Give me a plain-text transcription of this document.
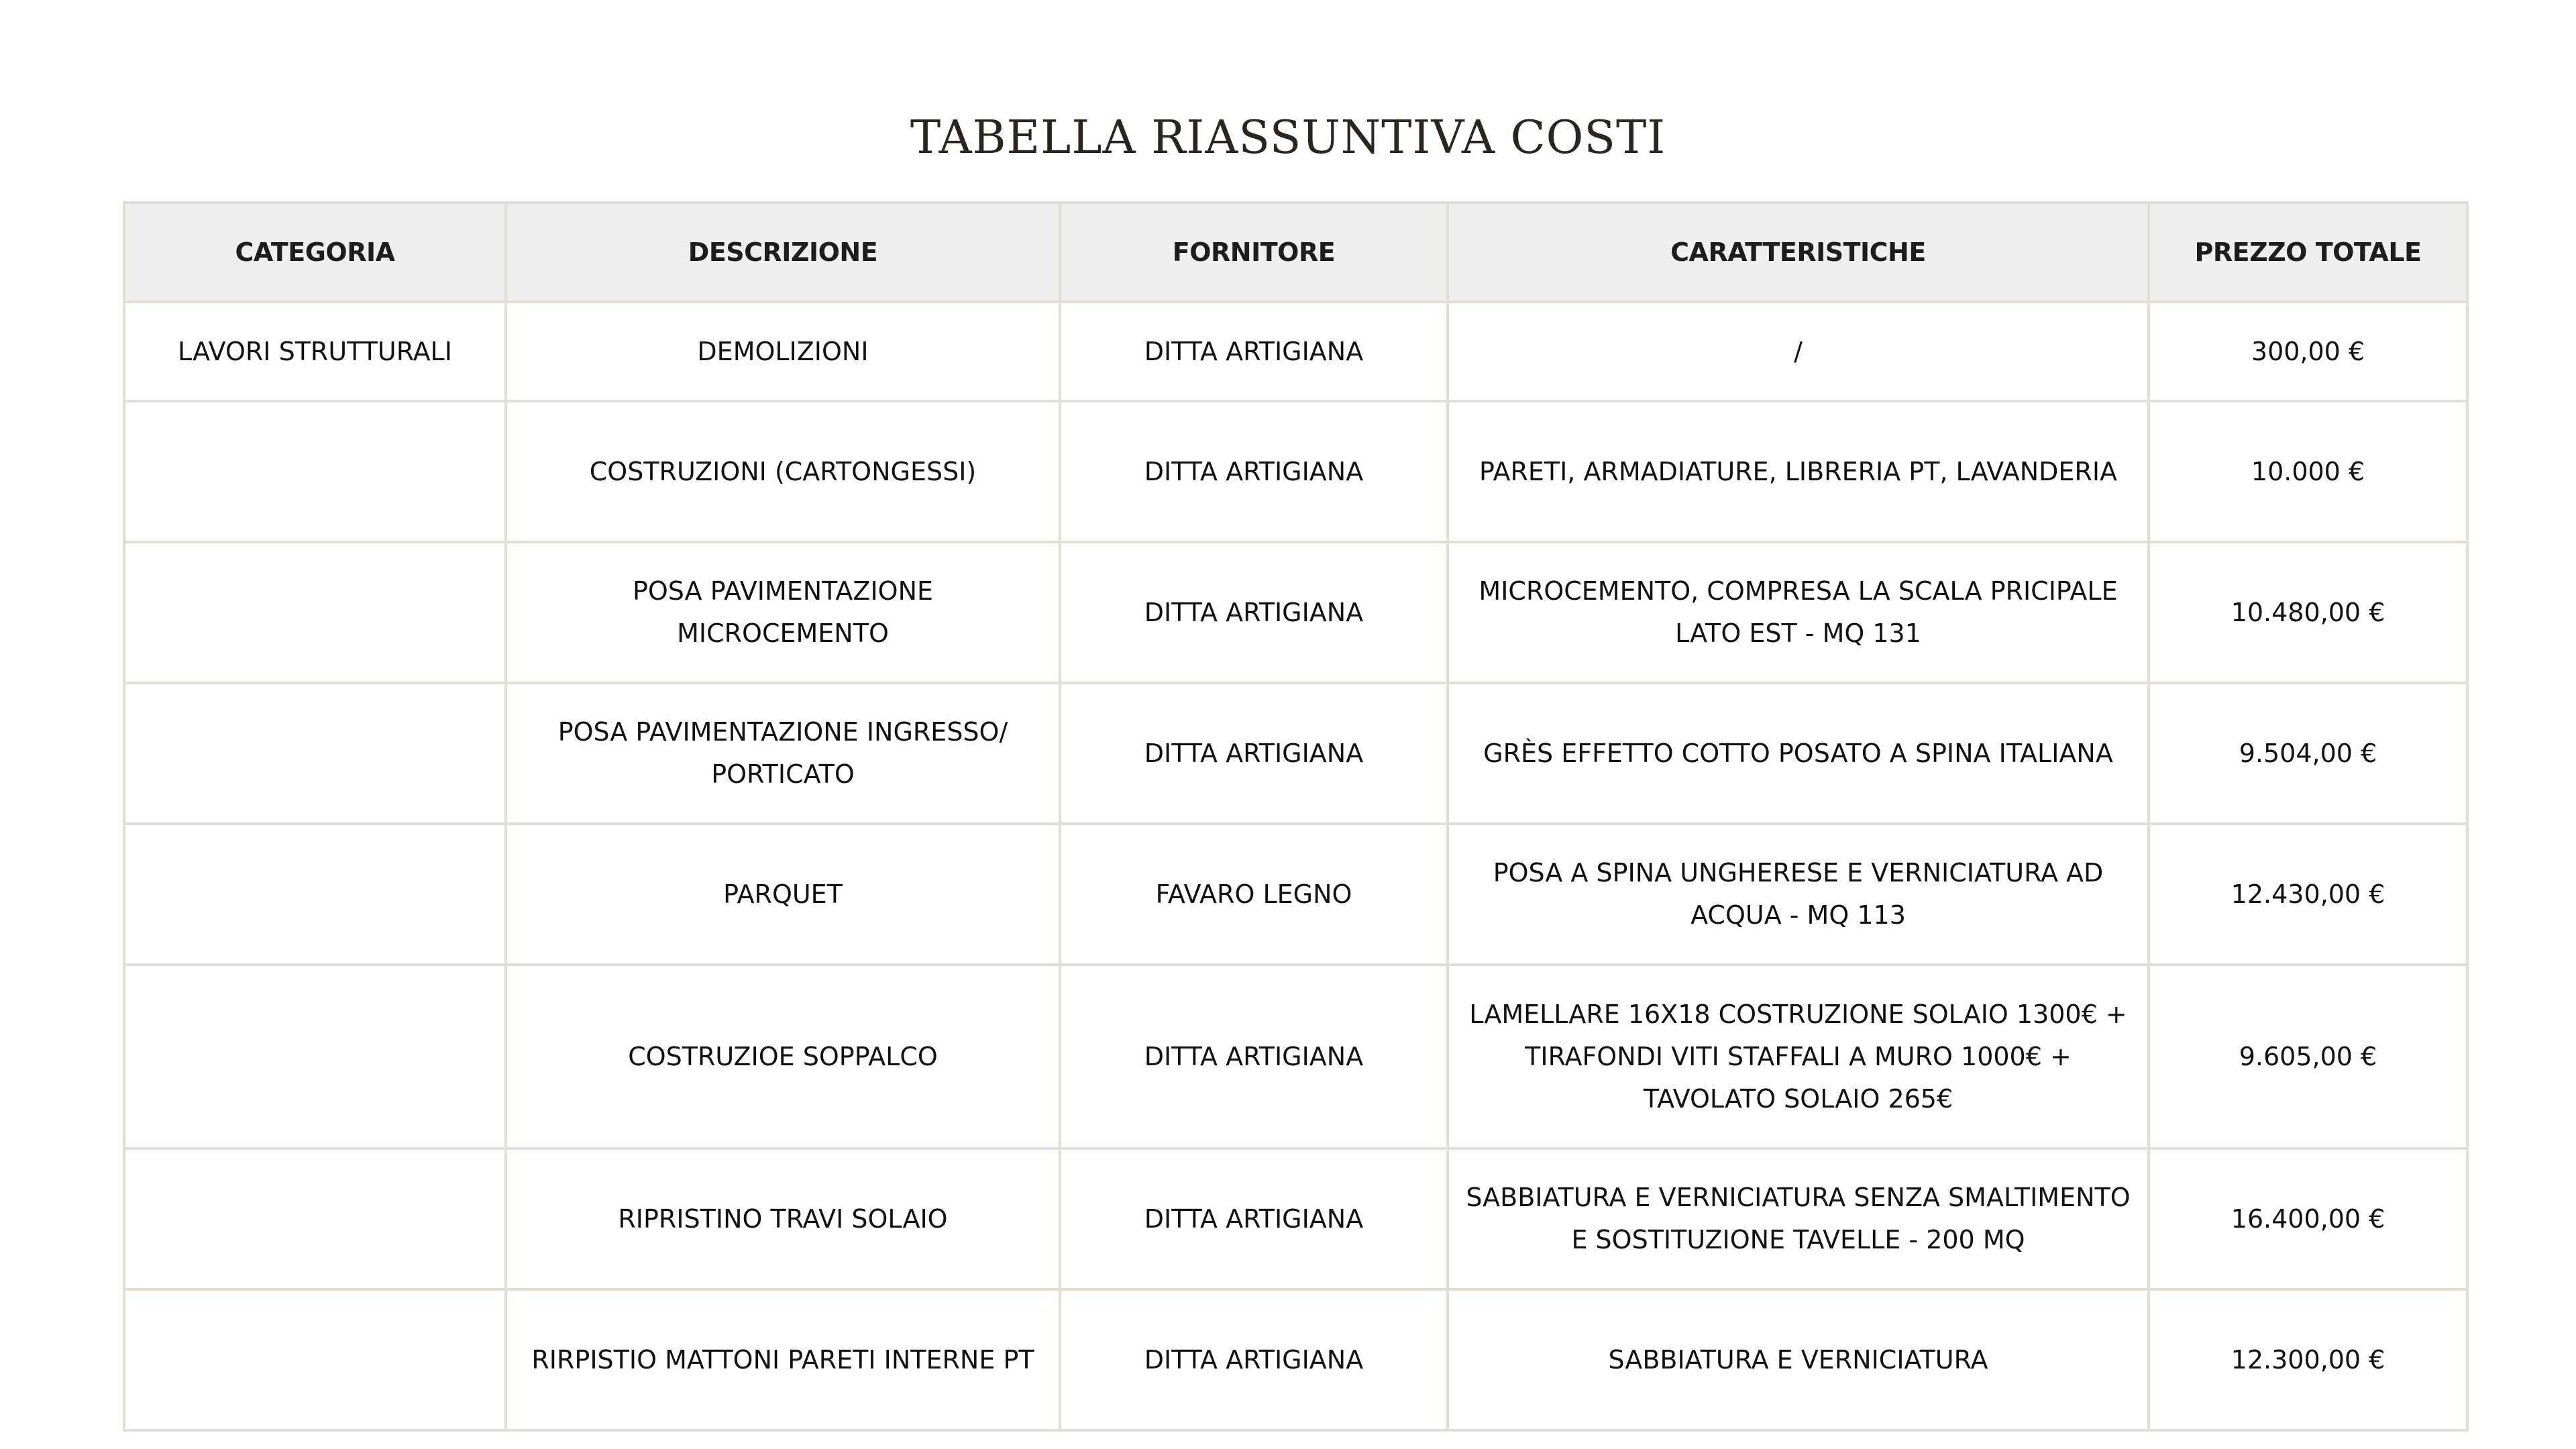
TABELLA RIASSUNTIVA COSTI
CATEGORIA	DESCRIZIONE	FORNITORE	CARATTERISTICHE	PREZZO TOTALE
LAVORI STRUTTURALI	DEMOLIZIONI	DITTA ARTIGIANA	/	300,00 €
	COSTRUZIONI (CARTONGESSI)	DITTA ARTIGIANA	PARETI, ARMADIATURE, LIBRERIA PT, LAVANDERIA	10.000 €
	POSA PAVIMENTAZIONE MICROCEMENTO	DITTA ARTIGIANA	MICROCEMENTO, COMPRESA LA SCALA PRICIPALE LATO EST - MQ 131	10.480,00 €
	POSA PAVIMENTAZIONE INGRESSO/ PORTICATO	DITTA ARTIGIANA	GRÈS EFFETTO COTTO POSATO A SPINA ITALIANA	9.504,00 €
	PARQUET	FAVARO LEGNO	POSA A SPINA UNGHERESE E VERNICIATURA AD ACQUA - MQ 113	12.430,00 €
	COSTRUZIOE SOPPALCO	DITTA ARTIGIANA	LAMELLARE 16X18 COSTRUZIONE SOLAIO 1300€ + TIRAFONDI VITI STAFFALI A MURO 1000€ + TAVOLATO SOLAIO 265€	9.605,00 €
	RIPRISTINO TRAVI SOLAIO	DITTA ARTIGIANA	SABBIATURA E VERNICIATURA SENZA SMALTIMENTO E SOSTITUZIONE TAVELLE - 200 MQ	16.400,00 €
	RIRPISTIO MATTONI PARETI INTERNE PT	DITTA ARTIGIANA	SABBIATURA E VERNICIATURA	12.300,00 €
